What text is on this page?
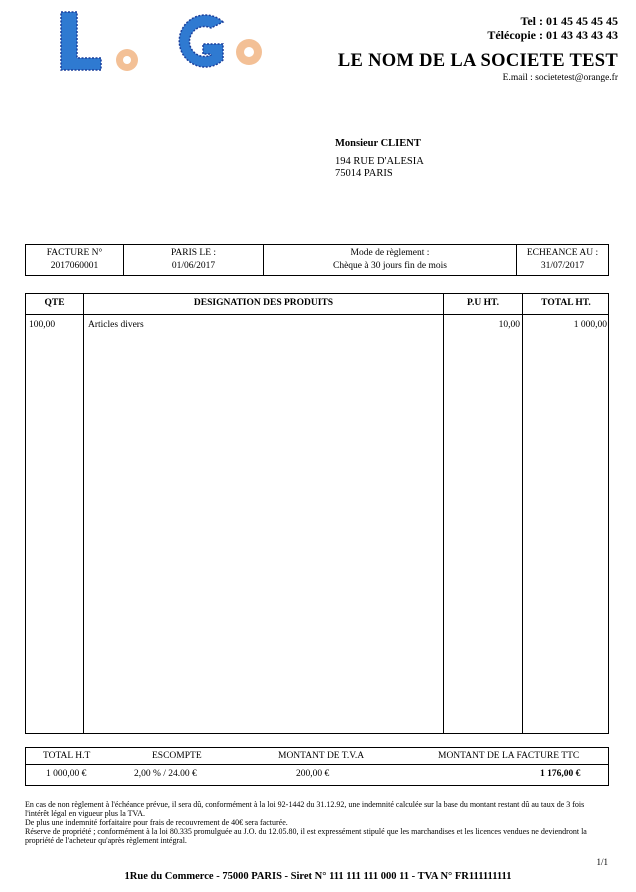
Tel : 01 45 45 45 45
Télécopie : 01 43 43 43 43
LE NOM DE LA SOCIETE TEST
E.mail : societetest@orange.fr
Monsieur CLIENT
194 RUE D'ALESIA
75014 PARIS
FACTURE N°
2017060001
PARIS LE :
01/06/2017
Mode de règlement :
Chèque à 30 jours fin de mois
ECHEANCE AU :
31/07/2017
QTE	DESIGNATION DES PRODUITS	P.U HT.	TOTAL HT.
100,00	Articles divers	10,00	1 000,00
TOTAL H.T	ESCOMPTE	MONTANT DE T.V.A	MONTANT DE LA FACTURE TTC
1 000,00 €	2,00 % / 24.00 €	200,00 €	1 176,00 €
En cas de non règlement à l'échéance prévue, il sera dû, conformément à la loi 92-1442 du 31.12.92, une indemnité calculée sur la base du montant restant dû au taux de 3 fois l'intérêt légal en vigueur plus la TVA.
De plus une indemnité forfaitaire pour frais de recouvrement de 40€ sera facturée.
Réserve de propriété ; conformément à la loi 80.335 promulguée au J.O. du 12.05.80, il est expressément stipulé que les marchandises et les licences vendues ne deviendront la propriété de l'acheteur qu'après règlement intégral.
1/1
1Rue du Commerce - 75000 PARIS - Siret N° 111 111 111 000 11 - TVA N° FR111111111
